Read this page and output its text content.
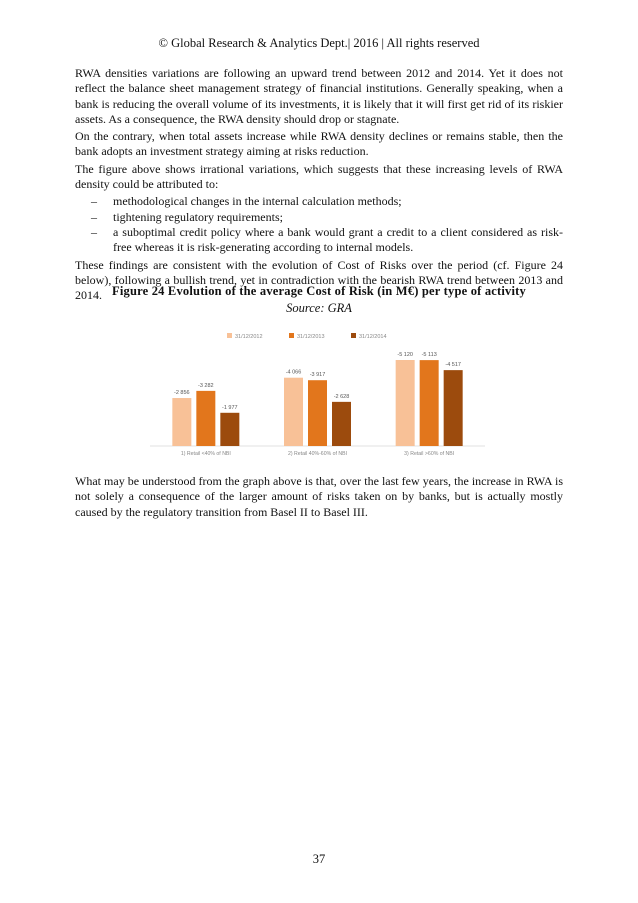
© Global Research & Analytics Dept.| 2016 | All rights reserved

RWA densities variations are following an upward trend between 2012 and 2014. Yet it does not reflect the balance sheet management strategy of financial institutions. Generally speaking, when a bank is reducing the overall volume of its investments, it is likely that it will first get rid of its riskier assets. As a consequence, the RWA density should drop or stagnate.

On the contrary, when total assets increase while RWA density declines or remains stable, then the bank adopts an investment strategy aiming at risks reduction.

The figure above shows irrational variations, which suggests that these increasing levels of RWA density could be attributed to:

– methodological changes in the internal calculation methods;
– tightening regulatory requirements;
– a suboptimal credit policy where a bank would grant a credit to a client considered as risk-free whereas it is risk-generating according to internal models.

These findings are consistent with the evolution of Cost of Risks over the period (cf. Figure 24 below), following a bullish trend, yet in contradiction with the bearish RWA trend between 2013 and 2014. Figure 24 Evolution of the average Cost of Risk (in M€) per type of activity
Source: GRA
31/12/2012	31/12/2013	31/12/2014
-2 856
-3 282
-1 977
1) Retail <40% of NBI
-4 066 -3 917
-2 628
2) Retail 40%-60% of NBI
-5 120 -5 113
-4 517
3) Retail >60% of NBI
What may be understood from the graph above is that, over the last few years, the increase in RWA is not solely a consequence of the larger amount of risks taken on by banks, but is actually mostly caused by the regulatory transition from Basel II to Basel III.
37
